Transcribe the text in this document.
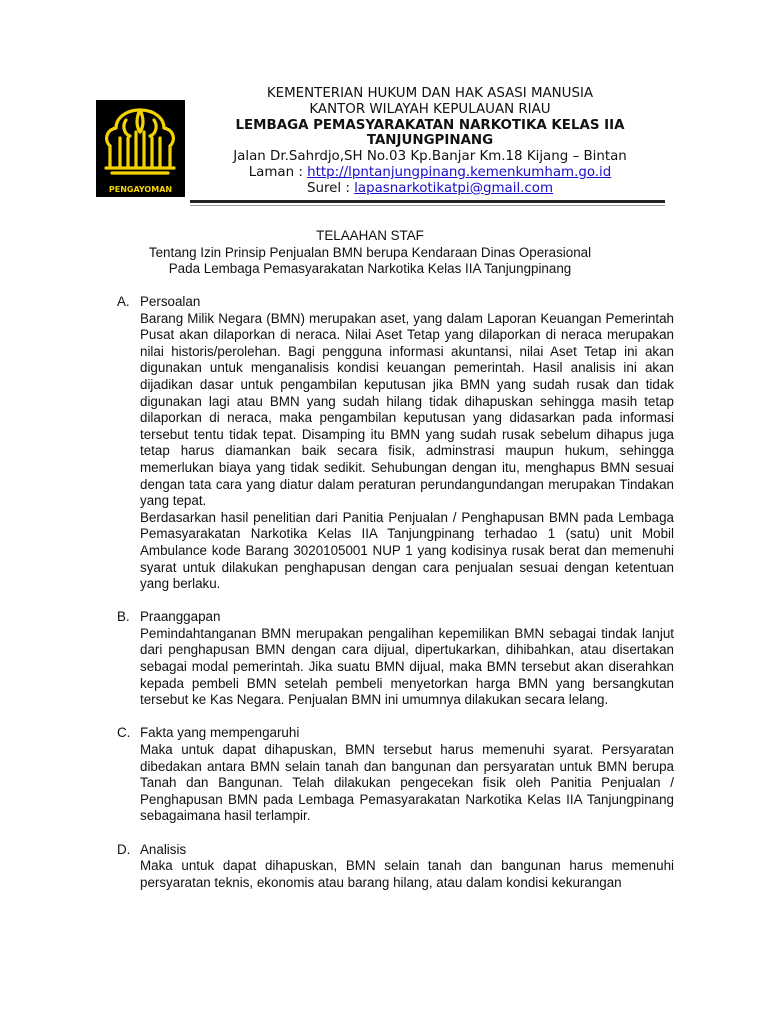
PENGAYOMAN
KEMENTERIAN HUKUM DAN HAK ASASI MANUSIA
KANTOR WILAYAH KEPULAUAN RIAU
LEMBAGA PEMASYARAKATAN NARKOTIKA KELAS IIA
TANJUNGPINANG
Jalan Dr.Sahrdjo,SH No.03 Kp.Banjar Km.18 Kijang – Bintan
Laman : http://lpntanjungpinang.kemenkumham.go.id
Surel : lapasnarkotikatpi@gmail.com
TELAAHAN STAF
Tentang Izin Prinsip Penjualan BMN berupa Kendaraan Dinas Operasional
Pada Lembaga Pemasyarakatan Narkotika Kelas IIA Tanjungpinang
A. Persoalan
Barang Milik Negara (BMN) merupakan aset, yang dalam Laporan Keuangan Pemerintah Pusat akan dilaporkan di neraca. Nilai Aset Tetap yang dilaporkan di neraca merupakan nilai historis/perolehan. Bagi pengguna informasi akuntansi, nilai Aset Tetap ini akan digunakan untuk menganalisis kondisi keuangan pemerintah. Hasil analisis ini akan dijadikan dasar untuk pengambilan keputusan jika BMN yang sudah rusak dan tidak digunakan lagi atau BMN yang sudah hilang tidak dihapuskan sehingga masih tetap dilaporkan di neraca, maka pengambilan keputusan yang didasarkan pada informasi tersebut tentu tidak tepat. Disamping itu BMN yang sudah rusak sebelum dihapus juga tetap harus diamankan baik secara fisik, adminstrasi maupun hukum, sehingga memerlukan biaya yang tidak sedikit. Sehubungan dengan itu, menghapus BMN sesuai dengan tata cara yang diatur dalam peraturan perundangundangan merupakan Tindakan yang tepat.
Berdasarkan hasil penelitian dari Panitia Penjualan / Penghapusan BMN pada Lembaga Pemasyarakatan Narkotika Kelas IIA Tanjungpinang terhadao 1 (satu) unit Mobil Ambulance kode Barang 3020105001 NUP 1 yang kodisinya rusak berat dan memenuhi syarat untuk dilakukan penghapusan dengan cara penjualan sesuai dengan ketentuan yang berlaku.
B. Praanggapan
Pemindahtanganan BMN merupakan pengalihan kepemilikan BMN sebagai tindak lanjut dari penghapusan BMN dengan cara dijual, dipertukarkan, dihibahkan, atau disertakan sebagai modal pemerintah. Jika suatu BMN dijual, maka BMN tersebut akan diserahkan kepada pembeli BMN setelah pembeli menyetorkan harga BMN yang bersangkutan tersebut ke Kas Negara. Penjualan BMN ini umumnya dilakukan secara lelang.
C. Fakta yang mempengaruhi
Maka untuk dapat dihapuskan, BMN tersebut harus memenuhi syarat. Persyaratan dibedakan antara BMN selain tanah dan bangunan dan persyaratan untuk BMN berupa Tanah dan Bangunan. Telah dilakukan pengecekan fisik oleh Panitia Penjualan / Penghapusan BMN pada Lembaga Pemasyarakatan Narkotika Kelas IIA Tanjungpinang sebagaimana hasil terlampir.
D. Analisis
Maka untuk dapat dihapuskan, BMN selain tanah dan bangunan harus memenuhi persyaratan teknis, ekonomis atau barang hilang, atau dalam kondisi kekurangan
